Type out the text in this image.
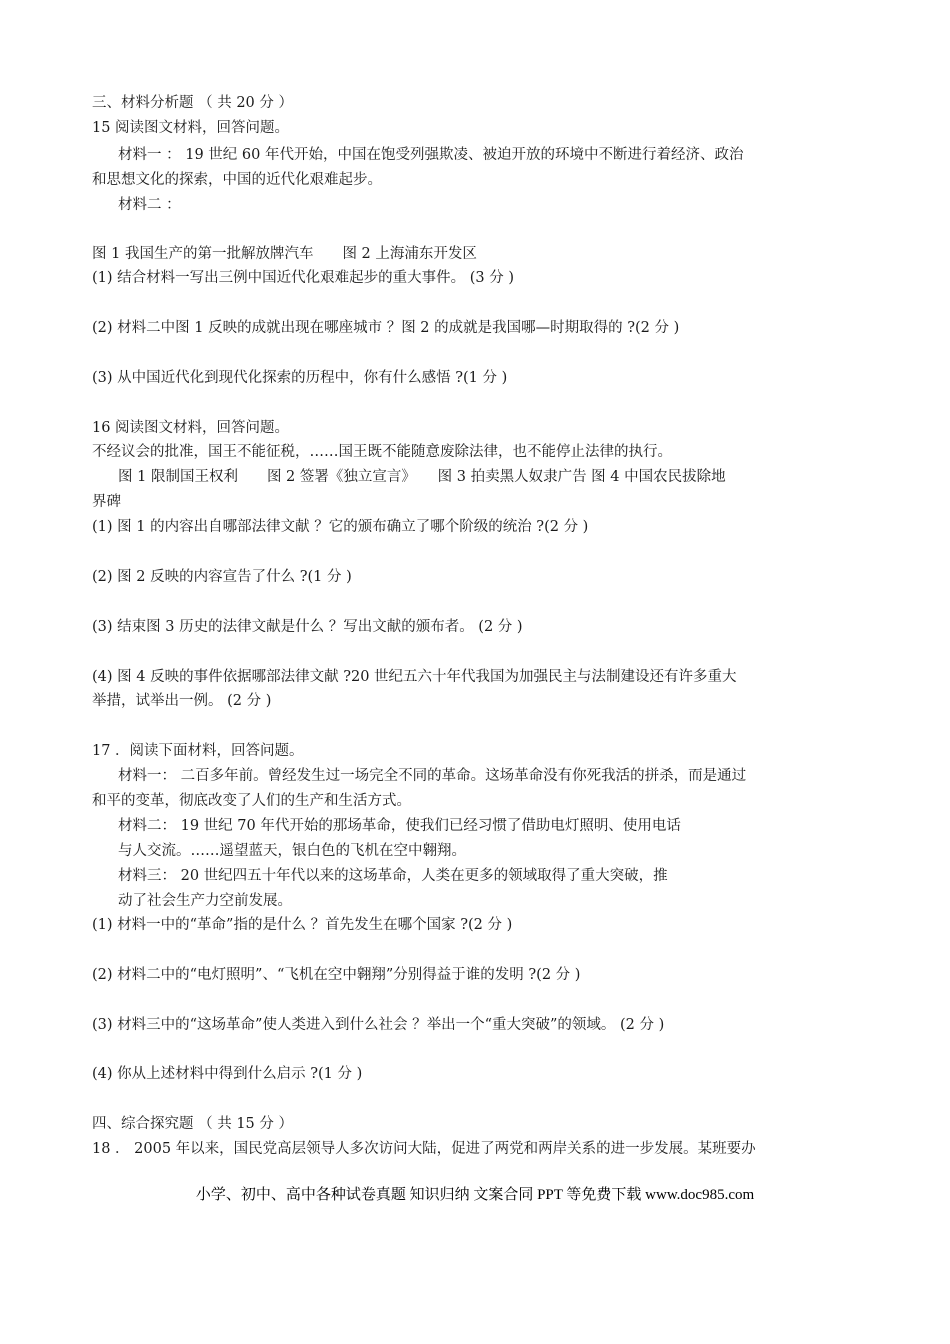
三、材料分析题 （ 共 20 分 ）
15 阅读图文材料，回答问题。
材料一 ： 19 世纪 60 年代开始，中国在饱受列强欺凌、被迫开放的环境中不断进行着经济、政治
和思想文化的探索，中国的近代化艰难起步。
材料二 ：
图 1 我国生产的第一批解放牌汽车　　图 2 上海浦东开发区
(1) 结合材料一写出三例中国近代化艰难起步的重大事件。 (3 分 )
(2) 材料二中图 1 反映的成就出现在哪座城市 ？图 2 的成就是我国哪—时期取得的 ?(2 分 )
(3) 从中国近代化到现代化探索的历程中，你有什么感悟 ?(1 分 )
16 阅读图文材料，回答问题。
不经议会的批准，国王不能征税，……国王既不能随意废除法律，也不能停止法律的执行。
图 1 限制国王权利　　图 2 签署《独立宣言》　　图 3 拍卖黑人奴隶广告 图 4 中国农民拔除地
界碑
(1) 图 1 的内容出自哪部法律文献 ？它的颁布确立了哪个阶级的统治 ?(2 分 )
(2) 图 2 反映的内容宣告了什么 ?(1 分 )
(3) 结束图 3 历史的法律文献是什么 ？写出文献的颁布者。 (2 分 )
(4) 图 4 反映的事件依据哪部法律文献 ?20 世纪五六十年代我国为加强民主与法制建设还有许多重大
举措，试举出一例。 (2 分 )
17 ．阅读下面材料，回答问题。
材料一： 二百多年前。曾经发生过一场完全不同的革命。这场革命没有你死我活的拼杀，而是通过
和平的变革，彻底改变了人们的生产和生活方式。
材料二： 19 世纪 70 年代开始的那场革命，使我们已经习惯了借助电灯照明、使用电话
与人交流。……遥望蓝天，银白色的飞机在空中翱翔。
材料三： 20 世纪四五十年代以来的这场革命，人类在更多的领域取得了重大突破，推
动了社会生产力空前发展。
(1) 材料一中的“革命”指的是什么 ？首先发生在哪个国家 ?(2 分 )
(2) 材料二中的“电灯照明”、“飞机在空中翱翔”分别得益于谁的发明 ?(2 分 )
(3) 材料三中的“这场革命”使人类进入到什么社会 ？举出一个“重大突破”的领域。 (2 分 )
(4) 你从上述材料中得到什么启示 ?(1 分 )
四、综合探究题 （ 共 15 分 ）
18 ． 2005 年以来，国民党高层领导人多次访问大陆，促进了两党和两岸关系的进一步发展。某班要办
小学、初中、高中各种试卷真题 知识归纳 文案合同 PPT 等免费下载 www.doc985.com
